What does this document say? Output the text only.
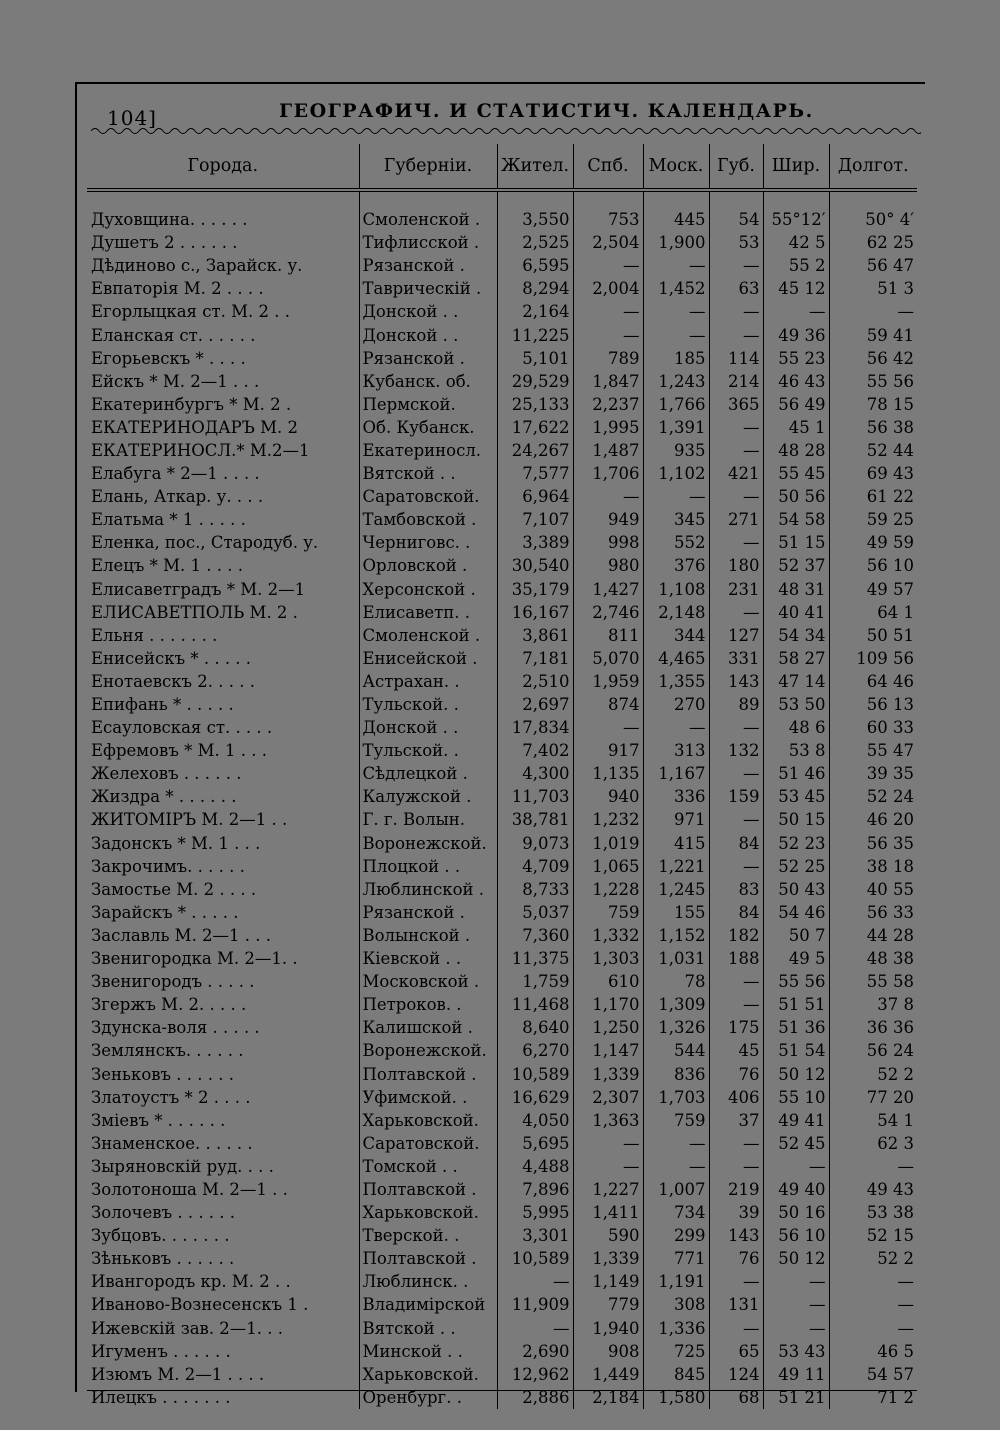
104]	ГЕОГРАФИЧ. И СТАТИСТИЧ. КАЛЕНДАРЬ.
Города.	Губерніи.	Жител.	Спб.	Моск.	Губ.	Шир.	Долгот.

Духовщина. . . . . .	Смоленской .	3,550	753	445	54	55°12′	50° 4′
Душетъ 2 . . . . . .	Тифлисской .	2,525	2,504	1,900	53	42 5	62 25
Дѣдиново с., Зарайск. у.	Рязанской .	6,595	—	—	—	55 2	56 47
Евпаторія М. 2 . . . .	Таврическій .	8,294	2,004	1,452	63	45 12	51 3
Егорлыцкая ст. М. 2 . .	Донской . .	2,164	—	—	—	—	—
Еланская ст. . . . . .	Донской . .	11,225	—	—	—	49 36	59 41
Егорьевскъ * . . . .	Рязанской .	5,101	789	185	114	55 23	56 42
Ейскъ * М. 2—1 . . .	Кубанск. об.	29,529	1,847	1,243	214	46 43	55 56
Екатеринбургъ * М. 2 .	Пермской.	25,133	2,237	1,766	365	56 49	78 15
ЕКАТЕРИНОДАРЪ М. 2	Об. Кубанск.	17,622	1,995	1,391	—	45 1	56 38
ЕКАТЕРИНОСЛ.* М.2—1	Екатериносл.	24,267	1,487	935	—	48 28	52 44
Елабуга * 2—1 . . . .	Вятской . .	7,577	1,706	1,102	421	55 45	69 43
Елань, Аткар. у. . . .	Саратовской.	6,964	—	—	—	50 56	61 22
Елатьма * 1 . . . . .	Тамбовской .	7,107	949	345	271	54 58	59 25
Еленка, пос., Стародуб. у.	Черниговс. .	3,389	998	552	—	51 15	49 59
Елецъ * М. 1 . . . .	Орловской .	30,540	980	376	180	52 37	56 10
Елисаветградъ * М. 2—1	Херсонской .	35,179	1,427	1,108	231	48 31	49 57
ЕЛИСАВЕТПОЛЬ М. 2 .	Елисаветп. .	16,167	2,746	2,148	—	40 41	64 1
Ельня . . . . . . .	Смоленской .	3,861	811	344	127	54 34	50 51
Енисейскъ * . . . . .	Енисейской .	7,181	5,070	4,465	331	58 27	109 56
Енотаевскъ 2. . . . .	Астрахан. .	2,510	1,959	1,355	143	47 14	64 46
Епифань * . . . . .	Тульской. .	2,697	874	270	89	53 50	56 13
Есауловская ст. . . . .	Донской . .	17,834	—	—	—	48 6	60 33
Ефремовъ * М. 1 . . .	Тульской. .	7,402	917	313	132	53 8	55 47
Желеховъ . . . . . .	Сѣдлецкой .	4,300	1,135	1,167	—	51 46	39 35
Жиздра * . . . . . .	Калужской .	11,703	940	336	159	53 45	52 24
ЖИТОМІРЪ М. 2—1 . .	Г. г. Волын.	38,781	1,232	971	—	50 15	46 20
Задонскъ * М. 1 . . .	Воронежской.	9,073	1,019	415	84	52 23	56 35
Закрочимъ. . . . . .	Плоцкой . .	4,709	1,065	1,221	—	52 25	38 18
Замостье М. 2 . . . .	Люблинской .	8,733	1,228	1,245	83	50 43	40 55
Зарайскъ * . . . . .	Рязанской .	5,037	759	155	84	54 46	56 33
Заславль М. 2—1 . . .	Волынской .	7,360	1,332	1,152	182	50 7	44 28
Звенигородка М. 2—1. .	Кіевской . .	11,375	1,303	1,031	188	49 5	48 38
Звенигородъ . . . . .	Московской .	1,759	610	78	—	55 56	55 58
Згержъ М. 2. . . . .	Петроков. .	11,468	1,170	1,309	—	51 51	37 8
Здунска-воля . . . . .	Калишской .	8,640	1,250	1,326	175	51 36	36 36
Землянскъ. . . . . .	Воронежской.	6,270	1,147	544	45	51 54	56 24
Зеньковъ . . . . . .	Полтавской .	10,589	1,339	836	76	50 12	52 2
Златоустъ * 2 . . . .	Уфимской. .	16,629	2,307	1,703	406	55 10	77 20
Зміевъ * . . . . . .	Харьковской.	4,050	1,363	759	37	49 41	54 1
Знаменское. . . . . .	Саратовской.	5,695	—	—	—	52 45	62 3
Зыряновскій руд. . . .	Томской . .	4,488	—	—	—	—	—
Золотоноша М. 2—1 . .	Полтавской .	7,896	1,227	1,007	219	49 40	49 43
Золочевъ . . . . . .	Харьковской.	5,995	1,411	734	39	50 16	53 38
Зубцовъ. . . . . . .	Тверской. .	3,301	590	299	143	56 10	52 15
Зѣньковъ . . . . . .	Полтавской .	10,589	1,339	771	76	50 12	52 2
Ивангородъ кр. М. 2 . .	Люблинск. .	—	1,149	1,191	—	—	—
Иваново-Вознесенскъ 1 .	Владимірской	11,909	779	308	131	—	—
Ижевскій зав. 2—1. . .	Вятской . .	—	1,940	1,336	—	—	—
Игуменъ . . . . . .	Минской . .	2,690	908	725	65	53 43	46 5
Изюмъ М. 2—1 . . . .	Харьковской.	12,962	1,449	845	124	49 11	54 57
Илецкъ . . . . . . .	Оренбург. .	2,886	2,184	1,580	68	51 21	71 2
